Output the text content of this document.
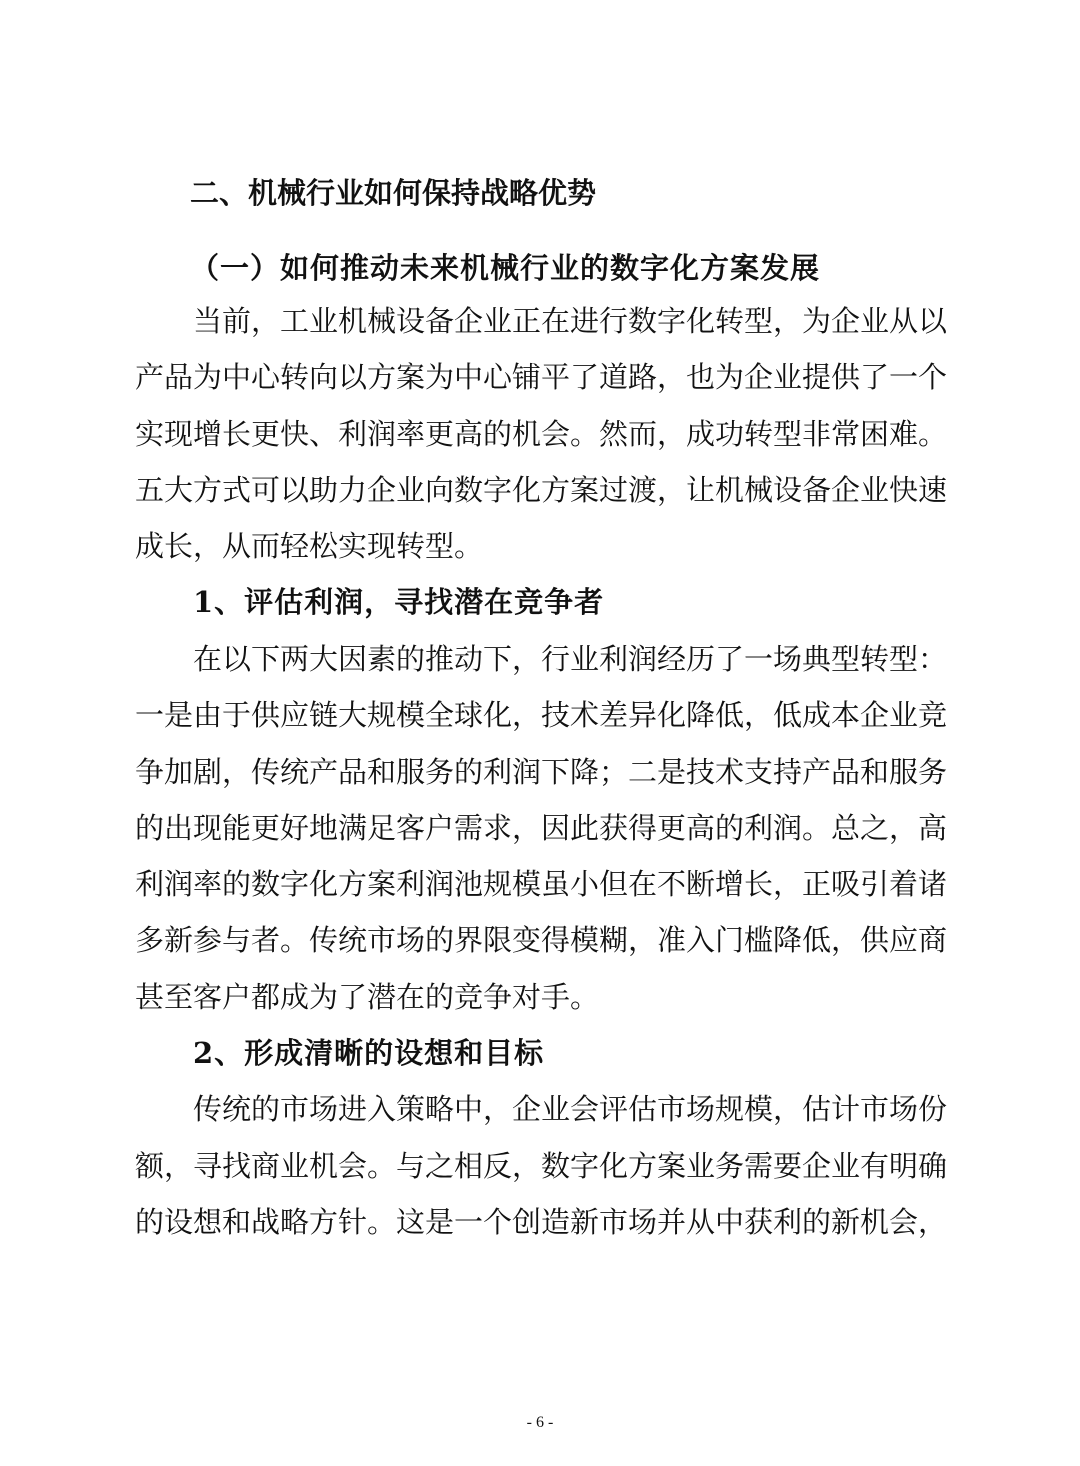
二、机械行业如何保持战略优势
（一）如何推动未来机械行业的数字化方案发展
当前，工业机械设备企业正在进行数字化转型，为企业从以
产品为中心转向以方案为中心铺平了道路，也为企业提供了一个
实现增长更快、利润率更高的机会。然而，成功转型非常困难。
五大方式可以助力企业向数字化方案过渡，让机械设备企业快速
成长，从而轻松实现转型。
1、评估利润，寻找潜在竞争者
在以下两大因素的推动下，行业利润经历了一场典型转型：
一是由于供应链大规模全球化，技术差异化降低，低成本企业竞
争加剧，传统产品和服务的利润下降；二是技术支持产品和服务
的出现能更好地满足客户需求，因此获得更高的利润。总之，高
利润率的数字化方案利润池规模虽小但在不断增长，正吸引着诸
多新参与者。传统市场的界限变得模糊，准入门槛降低，供应商
甚至客户都成为了潜在的竞争对手。
2、形成清晰的设想和目标
传统的市场进入策略中，企业会评估市场规模，估计市场份
额，寻找商业机会。与之相反，数字化方案业务需要企业有明确
的设想和战略方针。这是一个创造新市场并从中获利的新机会，
- 6 -
